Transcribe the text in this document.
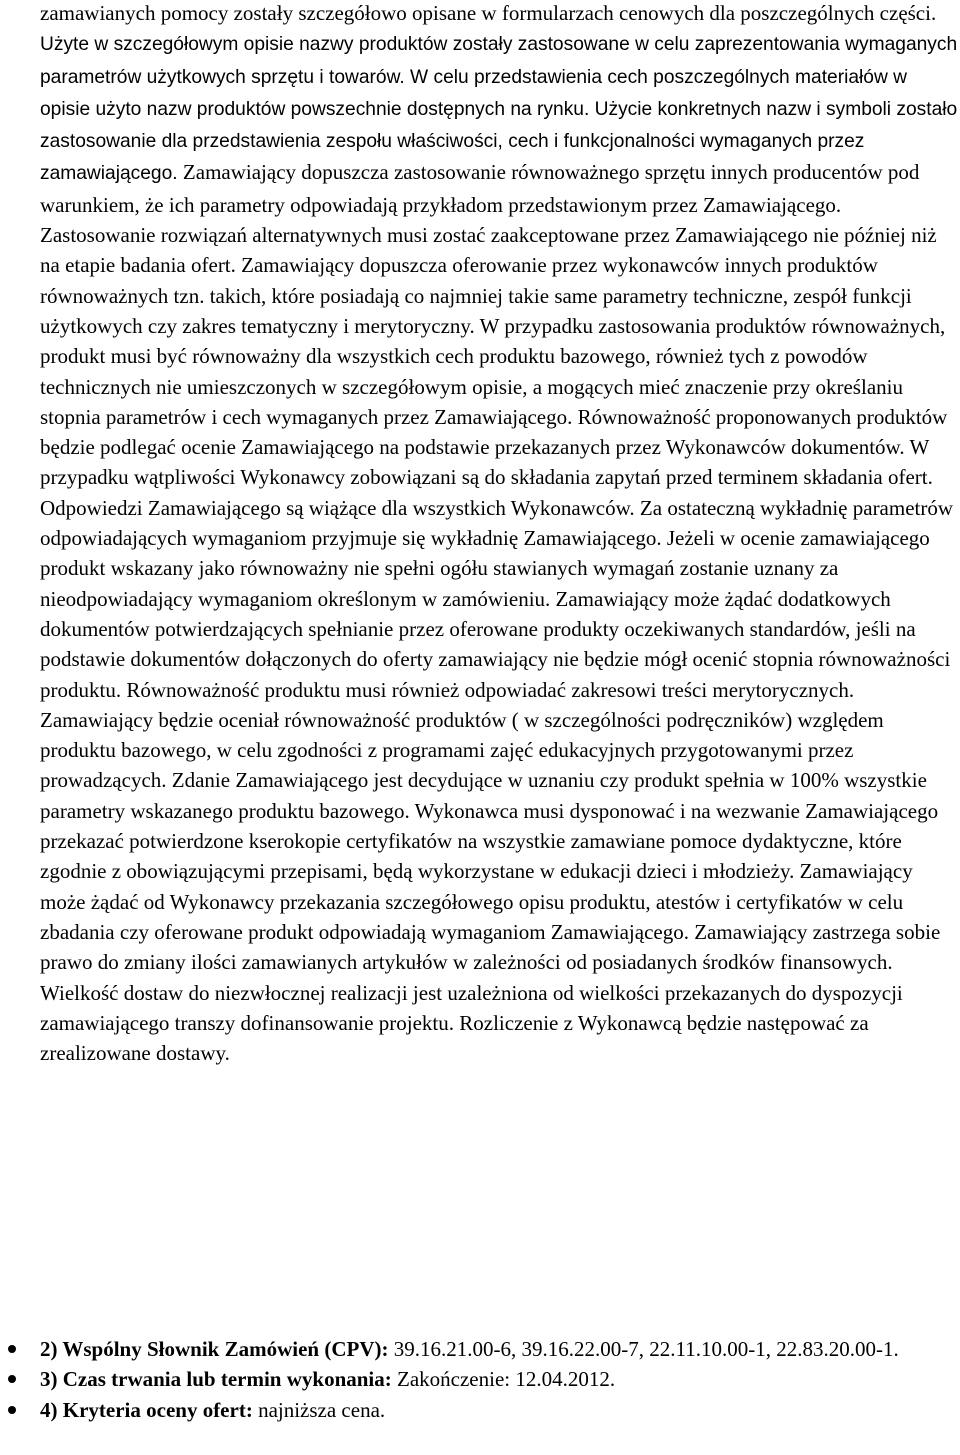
zamawianych pomocy zostały szczegółowo opisane w formularzach cenowych dla poszczególnych części. Użyte w szczegółowym opisie nazwy produktów zostały zastosowane w celu zaprezentowania wymaganych parametrów użytkowych sprzętu i towarów. W celu przedstawienia cech poszczególnych materiałów w opisie użyto nazw produktów powszechnie dostępnych na rynku. Użycie konkretnych nazw i symboli zostało zastosowanie dla przedstawienia zespołu właściwości, cech i funkcjonalności wymaganych przez zamawiającego. Zamawiający dopuszcza zastosowanie równoważnego sprzętu innych producentów pod warunkiem, że ich parametry odpowiadają przykładom przedstawionym przez Zamawiającego. Zastosowanie rozwiązań alternatywnych musi zostać zaakceptowane przez Zamawiającego nie później niż na etapie badania ofert. Zamawiający dopuszcza oferowanie przez wykonawców innych produktów równoważnych tzn. takich, które posiadają co najmniej takie same parametry techniczne, zespół funkcji użytkowych czy zakres tematyczny i merytoryczny. W przypadku zastosowania produktów równoważnych, produkt musi być równoważny dla wszystkich cech produktu bazowego, również tych z powodów technicznych nie umieszczonych w szczegółowym opisie, a mogących mieć znaczenie przy określaniu stopnia parametrów i cech wymaganych przez Zamawiającego. Równoważność proponowanych produktów będzie podlegać ocenie Zamawiającego na podstawie przekazanych przez Wykonawców dokumentów. W przypadku wątpliwości Wykonawcy zobowiązani są do składania zapytań przed terminem składania ofert. Odpowiedzi Zamawiającego są wiążące dla wszystkich Wykonawców. Za ostateczną wykładnię parametrów odpowiadających wymaganiom przyjmuje się wykładnię Zamawiającego. Jeżeli w ocenie zamawiającego produkt wskazany jako równoważny nie spełni ogółu stawianych wymagań zostanie uznany za nieodpowiadający wymaganiom określonym w zamówieniu. Zamawiający może żądać dodatkowych dokumentów potwierdzających spełnianie przez oferowane produkty oczekiwanych standardów, jeśli na podstawie dokumentów dołączonych do oferty zamawiający nie będzie mógł ocenić stopnia równoważności produktu. Równoważność produktu musi również odpowiadać zakresowi treści merytorycznych. Zamawiający będzie oceniał równoważność produktów ( w szczególności podręczników) względem produktu bazowego, w celu zgodności z programami zajęć edukacyjnych przygotowanymi przez prowadzących. Zdanie Zamawiającego jest decydujące w uznaniu czy produkt spełnia w 100% wszystkie parametry wskazanego produktu bazowego. Wykonawca musi dysponować i na wezwanie Zamawiającego przekazać potwierdzone kserokopie certyfikatów na wszystkie zamawiane pomoce dydaktyczne, które zgodnie z obowiązującymi przepisami, będą wykorzystane w edukacji dzieci i młodzieży. Zamawiający może żądać od Wykonawcy przekazania szczegółowego opisu produktu, atestów i certyfikatów w celu zbadania czy oferowane produkt odpowiadają wymaganiom Zamawiającego. Zamawiający zastrzega sobie prawo do zmiany ilości zamawianych artykułów w zależności od posiadanych środków finansowych. Wielkość dostaw do niezwłocznej realizacji jest uzależniona od wielkości przekazanych do dyspozycji zamawiającego transzy dofinansowanie projektu. Rozliczenie z Wykonawcą będzie następować za zrealizowane dostawy.

2) Wspólny Słownik Zamówień (CPV): 39.16.21.00-6, 39.16.22.00-7, 22.11.10.00-1, 22.83.20.00-1.
3) Czas trwania lub termin wykonania: Zakończenie: 12.04.2012.
4) Kryteria oceny ofert: najniższa cena.
